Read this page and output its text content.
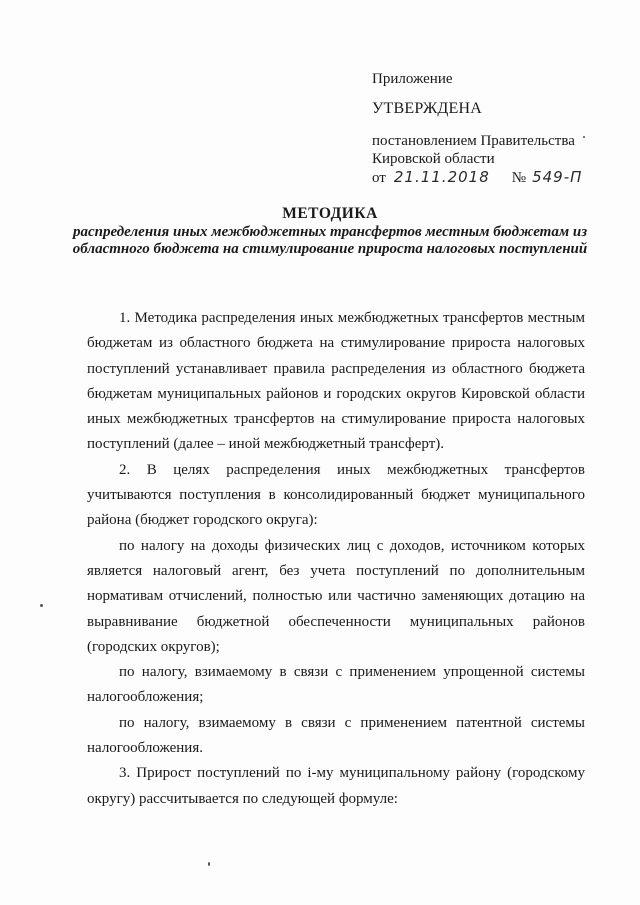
Приложение
УТВЕРЖДЕНА
постановлением Правительства
Кировской области
от 21.11.2018 № 549-П
МЕТОДИКА
распределения иных межбюджетных трансфертов местным бюджетам из областного бюджета на стимулирование прироста налоговых поступлений

1. Методика распределения иных межбюджетных трансфертов местным бюджетам из областного бюджета на стимулирование прироста налоговых поступлений устанавливает правила распределения из областного бюджета бюджетам муниципальных районов и городских округов Кировской области иных межбюджетных трансфертов на стимулирование прироста налоговых поступлений (далее – иной межбюджетный трансферт).

2. В целях распределения иных межбюджетных трансфертов учитываются поступления в консолидированный бюджет муниципального района (бюджет городского округа):

по налогу на доходы физических лиц с доходов, источником которых является налоговый агент, без учета поступлений по дополнительным нормативам отчислений, полностью или частично заменяющих дотацию на выравнивание бюджетной обеспеченности муниципальных районов (городских округов);

по налогу, взимаемому в связи с применением упрощенной системы налогообложения;

по налогу, взимаемому в связи с применением патентной системы налогообложения.

3. Прирост поступлений по i-му муниципальному району (городскому округу) рассчитывается по следующей формуле:
